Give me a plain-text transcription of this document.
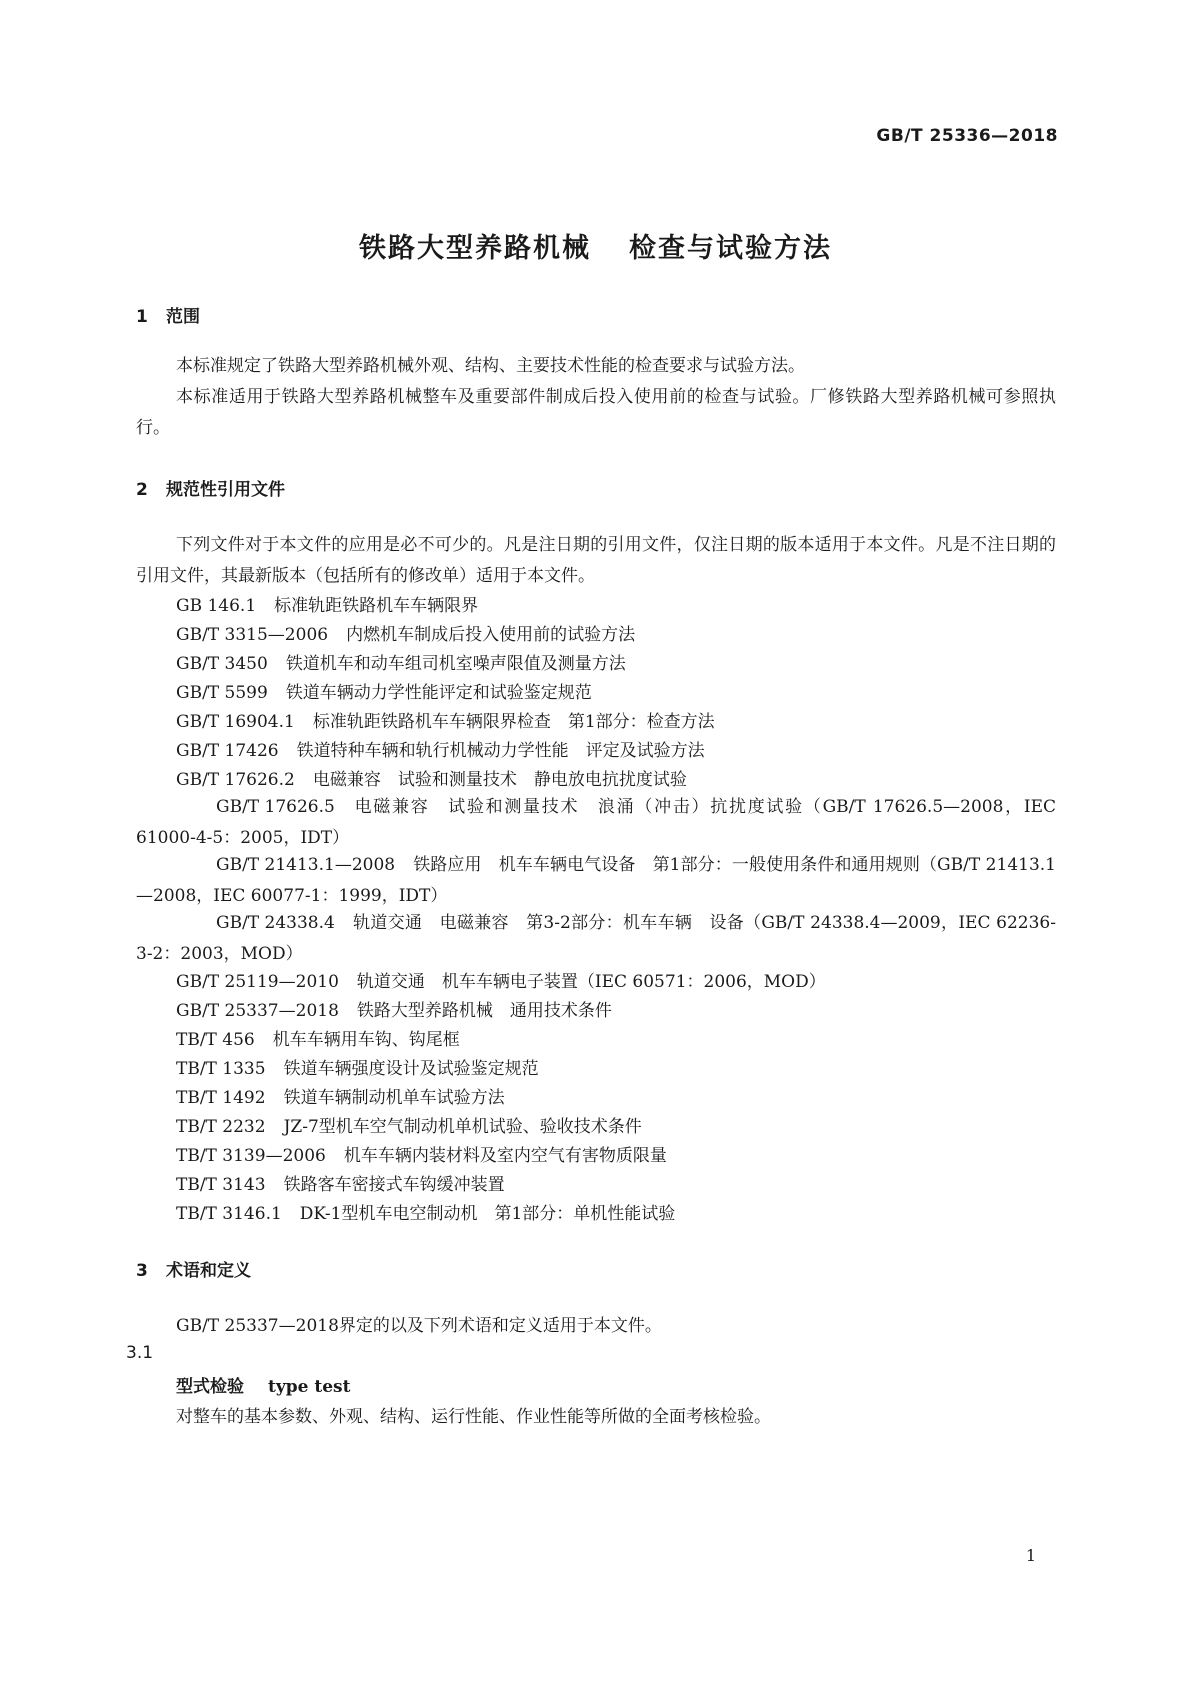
GB/T 25336—2018
铁路大型养路机械 检查与试验方法
1 范围
本标准规定了铁路大型养路机械外观、结构、主要技术性能的检查要求与试验方法。
本标准适用于铁路大型养路机械整车及重要部件制成后投入使用前的检查与试验。厂修铁路大型养路机械可参照执行。
2 规范性引用文件
下列文件对于本文件的应用是必不可少的。凡是注日期的引用文件，仅注日期的版本适用于本文件。凡是不注日期的引用文件，其最新版本（包括所有的修改单）适用于本文件。
GB 146.1 标准轨距铁路机车车辆限界
GB/T 3315—2006 内燃机车制成后投入使用前的试验方法
GB/T 3450 铁道机车和动车组司机室噪声限值及测量方法
GB/T 5599 铁道车辆动力学性能评定和试验鉴定规范
GB/T 16904.1 标准轨距铁路机车车辆限界检查　第1部分：检查方法
GB/T 17426 铁道特种车辆和轨行机械动力学性能　评定及试验方法
GB/T 17626.2 电磁兼容　试验和测量技术　静电放电抗扰度试验
GB/T 17626.5 电磁兼容　试验和测量技术　浪涌（冲击）抗扰度试验（GB/T 17626.5—2008，IEC 61000-4-5：2005，IDT）
GB/T 21413.1—2008 铁路应用　机车车辆电气设备　第1部分：一般使用条件和通用规则（GB/T 21413.1—2008，IEC 60077-1：1999，IDT）
GB/T 24338.4 轨道交通　电磁兼容　第3-2部分：机车车辆　设备（GB/T 24338.4—2009，IEC 62236-3-2：2003，MOD）
GB/T 25119—2010 轨道交通　机车车辆电子装置（IEC 60571：2006，MOD）
GB/T 25337—2018 铁路大型养路机械　通用技术条件
TB/T 456 机车车辆用车钩、钩尾框
TB/T 1335 铁道车辆强度设计及试验鉴定规范
TB/T 1492 铁道车辆制动机单车试验方法
TB/T 2232 JZ-7型机车空气制动机单机试验、验收技术条件
TB/T 3139—2006 机车车辆内装材料及室内空气有害物质限量
TB/T 3143 铁路客车密接式车钩缓冲装置
TB/T 3146.1 DK-1型机车电空制动机　第1部分：单机性能试验
3 术语和定义
GB/T 25337—2018界定的以及下列术语和定义适用于本文件。
3.1
型式检验 type test
对整车的基本参数、外观、结构、运行性能、作业性能等所做的全面考核检验。
1
